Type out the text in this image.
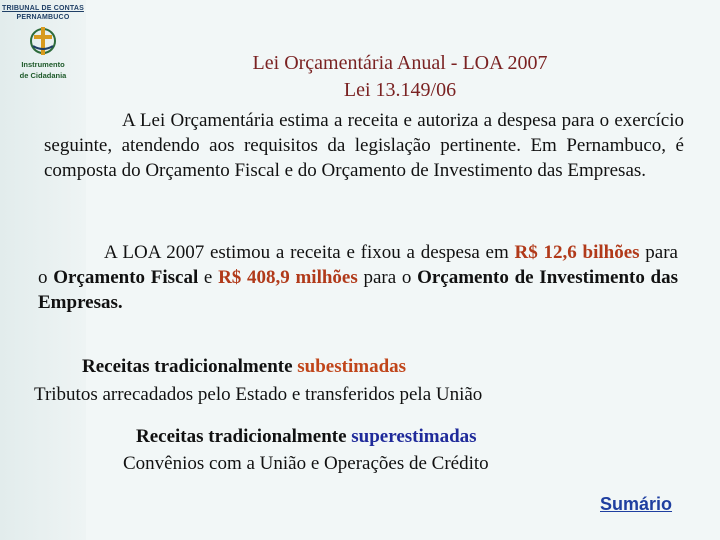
TRIBUNAL DE CONTAS
PERNAMBUCO
Instrumento
de Cidadania
Lei Orçamentária Anual - LOA 2007
Lei 13.149/06
A Lei Orçamentária estima a receita e autoriza a despesa para o exercício seguinte, atendendo aos requisitos da legislação pertinente. Em Pernambuco, é composta do Orçamento Fiscal e do Orçamento de Investimento das Empresas.
A LOA 2007 estimou a receita e fixou a despesa em R$ 12,6 bilhões para o Orçamento Fiscal e R$ 408,9 milhões para o Orçamento de Investimento das Empresas.
Receitas tradicionalmente subestimadas
Tributos arrecadados pelo Estado e transferidos pela União
Receitas tradicionalmente superestimadas
Convênios com a União e Operações de Crédito
Sumário
